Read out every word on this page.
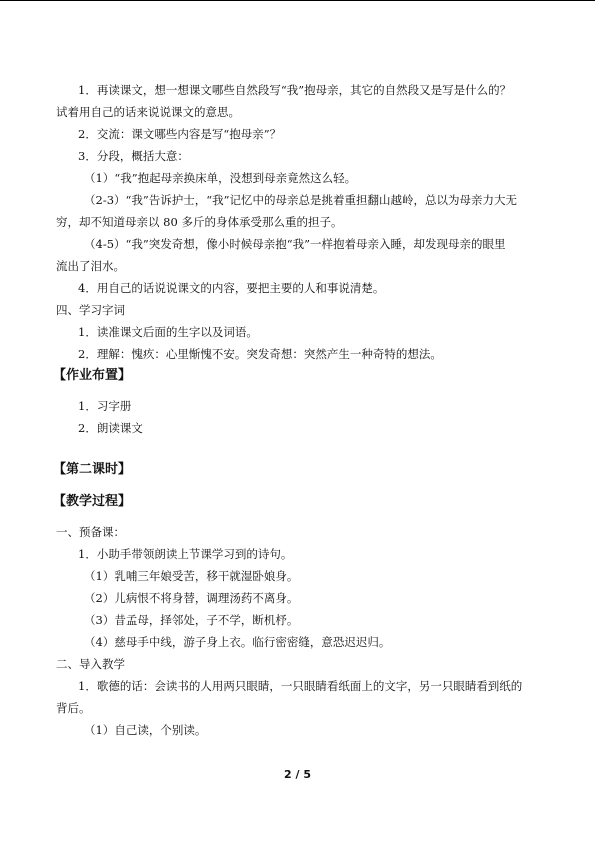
1．再读课文，想一想课文哪些自然段写“我”抱母亲，其它的自然段又是写是什么的？
试着用自己的话来说说课文的意思。
2．交流：课文哪些内容是写“抱母亲”？
3．分段，概括大意：
（1）“我”抱起母亲换床单，没想到母亲竟然这么轻。
（2-3）“我”告诉护士，“我”记忆中的母亲总是挑着重担翻山越岭，总以为母亲力大无
穷，却不知道母亲以 80 多斤的身体承受那么重的担子。
（4-5）“我”突发奇想，像小时候母亲抱“我”一样抱着母亲入睡，却发现母亲的眼里
流出了泪水。
4．用自己的话说说课文的内容，要把主要的人和事说清楚。
四、学习字词
1．读准课文后面的生字以及词语。
2．理解：愧疚：心里惭愧不安。突发奇想：突然产生一种奇特的想法。
【作业布置】
1．习字册
2．朗读课文
【第二课时】
【教学过程】
一、预备课：
1．小助手带领朗读上节课学习到的诗句。
（1）乳哺三年娘受苦，移干就湿卧娘身。
（2）儿病恨不将身替，调理汤药不离身。
（3）昔孟母，择邻处，子不学，断机杼。
（4）慈母手中线，游子身上衣。临行密密缝，意恐迟迟归。
二、导入教学
1．歌德的话：会读书的人用两只眼睛，一只眼睛看纸面上的文字，另一只眼睛看到纸的
背后。
（1）自己读，个别读。
2 / 5
